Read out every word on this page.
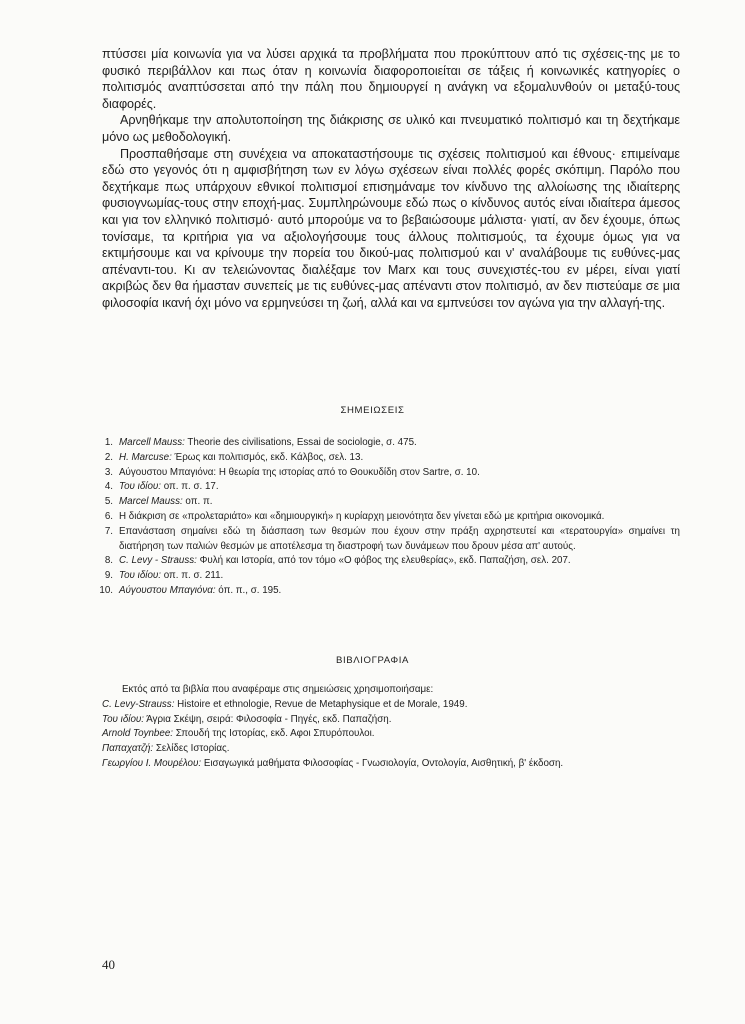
πτύσσει μία κοινωνία για να λύσει αρχικά τα προβλήματα που προκύπτουν από τις σχέσεις-της με το φυσικό περιβάλλον και πως όταν η κοινωνία διαφοροποιείται σε τάξεις ή κοινωνικές κατηγορίες ο πολιτισμός αναπτύσσεται από την πάλη που δημιουργεί η ανάγκη να εξομαλυνθούν οι μεταξύ-τους διαφορές.

Αρνηθήκαμε την απολυτοποίηση της διάκρισης σε υλικό και πνευματικό πολιτισμό και τη δεχτήκαμε μόνο ως μεθοδολογική.

Προσπαθήσαμε στη συνέχεια να αποκαταστήσουμε τις σχέσεις πολιτισμού και έθνους· επιμείναμε εδώ στο γεγονός ότι η αμφισβήτηση των εν λόγω σχέσεων είναι πολλές φορές σκόπιμη. Παρόλο που δεχτήκαμε πως υπάρχουν εθνικοί πολιτισμοί επισημάναμε τον κίνδυνο της αλλοίωσης της ιδιαίτερης φυσιογνωμίας-τους στην εποχή-μας. Συμπληρώνουμε εδώ πως ο κίνδυνος αυτός είναι ιδιαίτερα άμεσος και για τον ελληνικό πολιτισμό· αυτό μπορούμε να το βεβαιώσουμε μάλιστα· γιατί, αν δεν έχουμε, όπως τονίσαμε, τα κριτήρια για να αξιολογήσουμε τους άλλους πολιτισμούς, τα έχουμε όμως για να εκτιμήσουμε και να κρίνουμε την πορεία του δικού-μας πολιτισμού και ν' αναλάβουμε τις ευθύνες-μας απέναντι-του. Κι αν τελειώνοντας διαλέξαμε τον Marx και τους συνεχιστές-του εν μέρει, είναι γιατί ακριβώς δεν θα ήμασταν συνεπείς με τις ευθύνες-μας απέναντι στον πολιτισμό, αν δεν πιστεύαμε σε μια φιλοσοφία ικανή όχι μόνο να ερμηνεύσει τη ζωή, αλλά και να εμπνεύσει τον αγώνα για την αλλαγή-της.

ΣΗΜΕΙΩΣΕΙΣ
1. Marcell Mauss: Theorie des civilisations, Essai de sociologie, σ. 475.
2. H. Marcuse: Έρως και πολιτισμός, εκδ. Κάλβος, σελ. 13.
3. Αύγουστου Μπαγιόνα: Η θεωρία της ιστορίας από το Θουκυδίδη στον Sartre, σ. 10.
4. Του ιδίου: οπ. π. σ. 17.
5. Marcel Mauss: οπ. π.
6. Η διάκριση σε «προλεταριάτο» και «δημιουργική» η κυρίαρχη μειονότητα δεν γίνεται εδώ με κριτήρια οικονομικά.
7. Επανάσταση σημαίνει εδώ τη διάσπαση των θεσμών που έχουν στην πράξη αχρηστευτεί και «τερατουργία» σημαίνει τη διατήρηση των παλιών θεσμών με αποτέλεσμα τη διαστροφή των δυνάμεων που δρουν μέσα απ' αυτούς.
8. C. Levy - Strauss: Φυλή και Ιστορία, από τον τόμο «Ο φόβος της ελευθερίας», εκδ. Παπαζήση, σελ. 207.
9. Του ιδίου: οπ. π. σ. 211.
10. Αύγουστου Μπαγιόνα: όπ. π., σ. 195.
ΒΙΒΛΙΟΓΡΑΦΙΑ
Εκτός από τα βιβλία που αναφέραμε στις σημειώσεις χρησιμοποιήσαμε:
C. Levy-Strauss: Histoire et ethnologie, Revue de Metaphysique et de Morale, 1949.
Του ιδίου: Άγρια Σκέψη, σειρά: Φιλοσοφία - Πηγές, εκδ. Παπαζήση.
Arnold Toynbee: Σπουδή της Ιστορίας, εκδ. Αφοι Σπυρόπουλοι.
Παπαχατζή: Σελίδες Ιστορίας.
Γεωργίου Ι. Μουρέλου: Εισαγωγικά μαθήματα Φιλοσοφίας - Γνωσιολογία, Οντολογία, Αισθητική, β' έκδοση.
40
